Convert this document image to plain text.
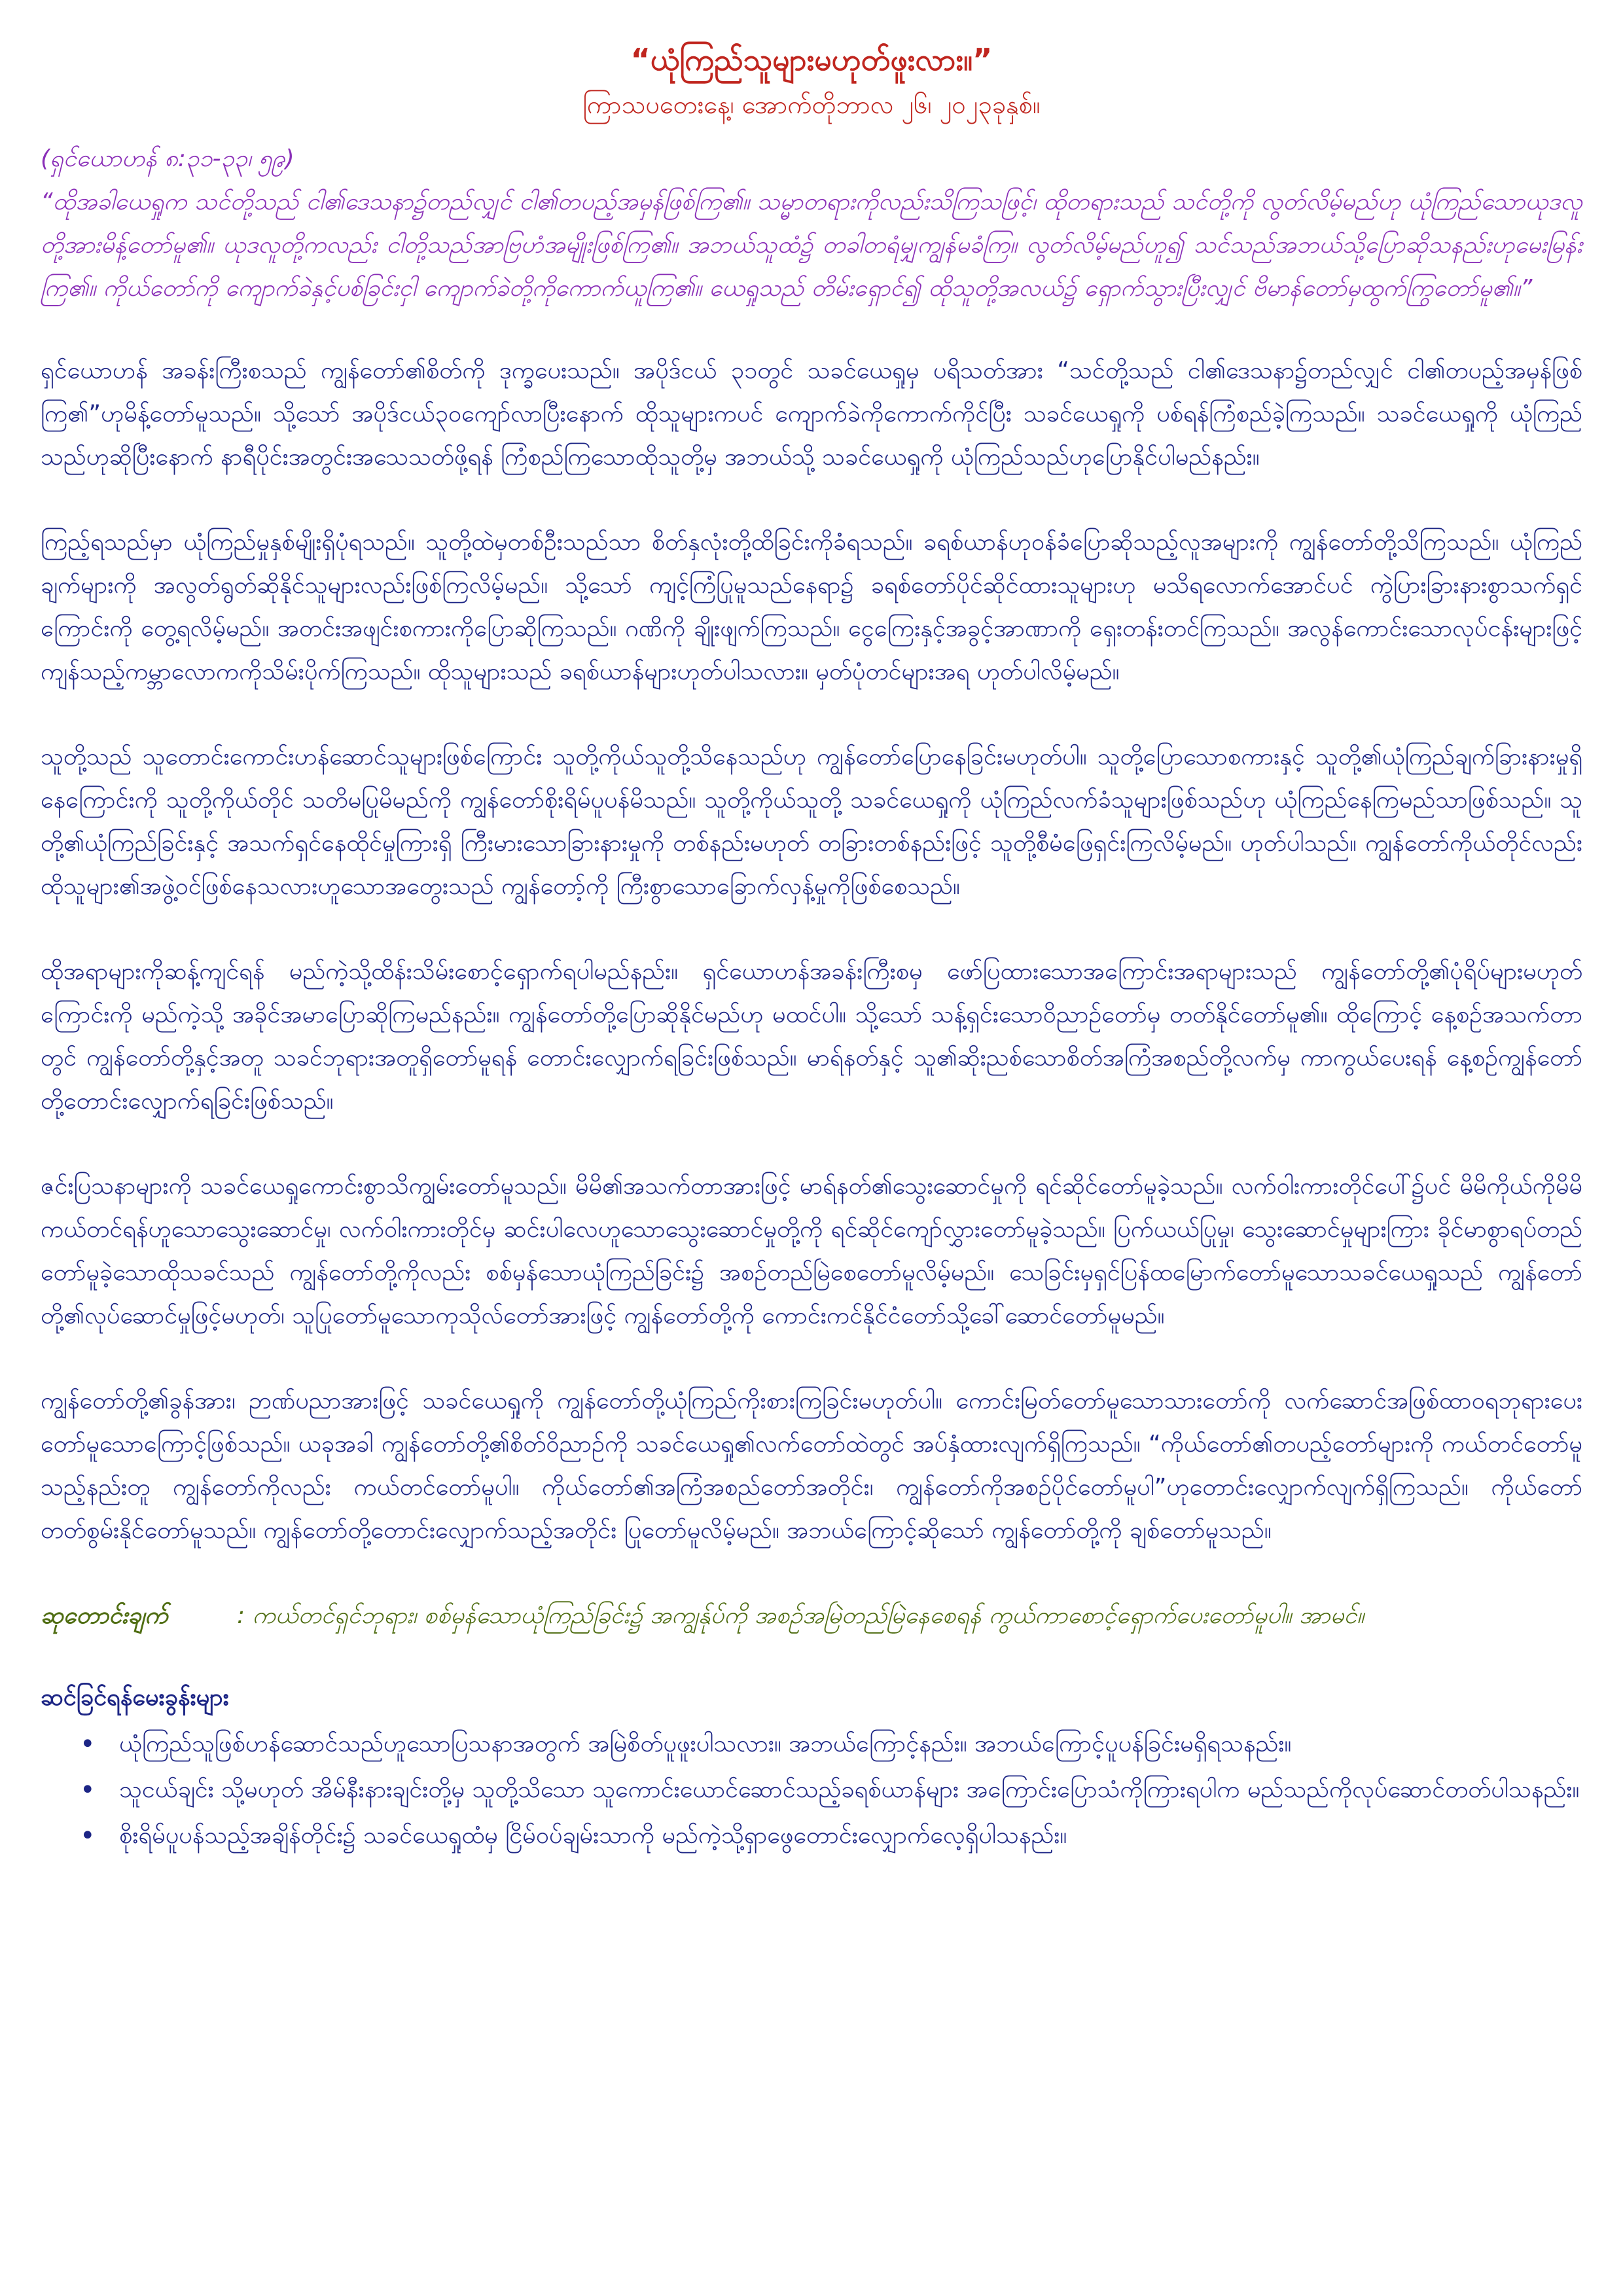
“ယုံကြည်သူများမဟုတ်ဖူးလား။”
ကြာသပတေးနေ့၊ အောက်တိုဘာလ ၂၆၊ ၂၀၂၃ခုနှစ်။
(ရှင်ယောဟန် ၈:၃၁-၃၃၊ ၅၉)
“ထိုအခါယေရှုက သင်တို့သည် ငါ၏ဒေသနာ၌တည်လျှင် ငါ၏တပည့်အမှန်ဖြစ်ကြ၏။ သမ္မာတရားကိုလည်းသိကြသဖြင့်၊ ထိုတရားသည် သင်တို့ကို လွတ်လိမ့်မည်ဟု ယုံကြည်သောယုဒလူတို့အားမိန့်တော်မူ၏။ ယုဒလူတို့ကလည်း ငါတို့သည်အာဗြဟံအမျိုးဖြစ်ကြ၏။ အဘယ်သူထံ၌ တခါတရံမျှကျွန်မခံကြ။ လွတ်လိမ့်မည်ဟူ၍ သင်သည်အဘယ်သို့ပြောဆိုသနည်းဟုမေးမြန်းကြ၏။ ကိုယ်တော်ကို ကျောက်ခဲနှင့်ပစ်ခြင်းငှါ ကျောက်ခဲတို့ကိုကောက်ယူကြ၏။ ယေရှုသည် တိမ်းရှောင်၍ ထိုသူတို့အလယ်၌ ရှောက်သွားပြီးလျှင် ဗိမာန်တော်မှထွက်ကြွတော်မူ၏။”

ရှင်ယောဟန် အခန်းကြီးစသည် ကျွန်တော်၏စိတ်ကို ဒုက္ခပေးသည်။ အပိုဒ်ငယ် ၃၁တွင် သခင်ယေရှုမှ ပရိသတ်အား “သင်တို့သည် ငါ၏ဒေသနာ၌တည်လျှင် ငါ၏တပည့်အမှန်ဖြစ်ကြ၏”ဟုမိန့်တော်မူသည်။ သို့သော် အပိုဒ်ငယ်၃၀ကျော်လာပြီးနောက် ထိုသူများကပင် ကျောက်ခဲကိုကောက်ကိုင်ပြီး သခင်ယေရှုကို ပစ်ရန်ကြံစည်ခဲ့ကြသည်။ သခင်ယေရှုကို ယုံကြည်သည်ဟုဆိုပြီးနောက် နာရီပိုင်းအတွင်းအသေသတ်ဖို့ရန် ကြံစည်ကြသောထိုသူတို့မှ အဘယ်သို့ သခင်ယေရှုကို ယုံကြည်သည်ဟုပြောနိုင်ပါမည်နည်း။

ကြည့်ရသည်မှာ ယုံကြည်မှုနှစ်မျိုးရှိပုံရသည်။ သူတို့ထဲမှတစ်ဦးသည်သာ စိတ်နှလုံးတို့ထိခြင်းကိုခံရသည်။ ခရစ်ယာန်ဟုဝန်ခံပြောဆိုသည့်လူအများကို ကျွန်တော်တို့သိကြသည်။ ယုံကြည်ချက်များကို အလွတ်ရွတ်ဆိုနိုင်သူများလည်းဖြစ်ကြလိမ့်မည်။ သို့သော် ကျင့်ကြံပြုမူသည်နေရာ၌ ခရစ်တော်ပိုင်ဆိုင်ထားသူများဟု မသိရလောက်အောင်ပင် ကွဲပြားခြားနားစွာသက်ရှင်ကြောင်းကို တွေ့ရလိမ့်မည်။ အတင်းအဖျင်းစကားကိုပြောဆိုကြသည်။ ဂဏိကို ချိုးဖျက်ကြသည်။ ငွေကြေးနှင့်အခွင့်အာဏာကို ရှေးတန်းတင်ကြသည်။ အလွန်ကောင်းသောလုပ်ငန်းများဖြင့် ကျန်သည့်ကမ္ဘာလောကကိုသိမ်းပိုက်ကြသည်။ ထိုသူများသည် ခရစ်ယာန်များဟုတ်ပါသလား။ မှတ်ပုံတင်များအရ ဟုတ်ပါလိမ့်မည်။

သူတို့သည် သူတောင်းကောင်းဟန်ဆောင်သူများဖြစ်ကြောင်း သူတို့ကိုယ်သူတို့သိနေသည်ဟု ကျွန်တော်ပြောနေခြင်းမဟုတ်ပါ။ သူတို့ပြောသောစကားနှင့် သူတို့၏ယုံကြည်ချက်ခြားနားမှုရှိနေကြောင်းကို သူတို့ကိုယ်တိုင် သတိမပြုမိမည်ကို ကျွန်တော်စိုးရိမ်ပူပန်မိသည်။ သူတို့ကိုယ်သူတို့ သခင်ယေရှုကို ယုံကြည်လက်ခံသူများဖြစ်သည်ဟု ယုံကြည်နေကြမည်သာဖြစ်သည်။ သူတို့၏ယုံကြည်ခြင်းနှင့် အသက်ရှင်နေထိုင်မှုကြားရှိ ကြီးမားသောခြားနားမှုကို တစ်နည်းမဟုတ် တခြားတစ်နည်းဖြင့် သူတို့စီမံဖြေရှင်းကြလိမ့်မည်။ ဟုတ်ပါသည်။ ကျွန်တော်ကိုယ်တိုင်လည်း ထိုသူများ၏အဖွဲ့ဝင်ဖြစ်နေသလားဟူသောအတွေးသည် ကျွန်တော့်ကို ကြီးစွာသောခြောက်လှန့်မှုကိုဖြစ်စေသည်။

ထိုအရာများကိုဆန့်ကျင်ရန် မည်ကဲ့သို့ထိန်းသိမ်းစောင့်ရှောက်ရပါမည်နည်း။ ရှင်ယောဟန်အခန်းကြီးစမှ ဖော်ပြထားသောအကြောင်းအရာများသည် ကျွန်တော်တို့၏ပုံရိပ်များမဟုတ်ကြောင်းကို မည်ကဲ့သို့ အခိုင်အမာပြောဆိုကြမည်နည်း။ ကျွန်တော်တို့ပြောဆိုနိုင်မည်ဟု မထင်ပါ။ သို့သော် သန့်ရှင်းသောဝိညာဉ်တော်မှ တတ်နိုင်တော်မူ၏။ ထိုကြောင့် နေ့စဉ်အသက်တာတွင် ကျွန်တော်တို့နှင့်အတူ သခင်ဘုရားအတူရှိတော်မူရန် တောင်းလျှောက်ရခြင်းဖြစ်သည်။ မာရ်နတ်နှင့် သူ၏ဆိုးညစ်သောစိတ်အကြံအစည်တို့လက်မှ ကာကွယ်ပေးရန် နေ့စဉ်ကျွန်တော်တို့တောင်းလျှောက်ရခြင်းဖြစ်သည်။

ဇင်းပြသနာများကို သခင်ယေရှုကောင်းစွာသိကျွမ်းတော်မူသည်။ မိမိ၏အသက်တာအားဖြင့် မာရ်နတ်၏သွေးဆောင်မှုကို ရင်ဆိုင်တော်မူခဲ့သည်။ လက်ဝါးကားတိုင်ပေါ်၌ပင် မိမိကိုယ်ကိုမိမိကယ်တင်ရန်ဟူသောသွေးဆောင်မှု၊ လက်ဝါးကားတိုင်မှ ဆင်းပါလေဟူသောသွေးဆောင်မှုတို့ကို ရင်ဆိုင်ကျော်လွှားတော်မူခဲ့သည်။ ပြက်ယယ်ပြုမှု၊ သွေးဆောင်မှုများကြား ခိုင်မာစွာရပ်တည်တော်မူခဲ့သောထိုသခင်သည် ကျွန်တော်တို့ကိုလည်း စစ်မှန်သောယုံကြည်ခြင်း၌ အစဉ်တည်မြဲစေတော်မူလိမ့်မည်။ သေခြင်းမှရှင်ပြန်ထမြောက်တော်မူသောသခင်ယေရှုသည် ကျွန်တော်တို့၏လုပ်ဆောင်မှုဖြင့်မဟုတ်၊ သူပြုတော်မူသောကုသိုလ်တော်အားဖြင့် ကျွန်တော်တို့ကို ကောင်းကင်နိုင်ငံတော်သို့ခေါ်ဆောင်တော်မူမည်။

ကျွန်တော်တို့၏ခွန်အား၊ ဉာဏ်ပညာအားဖြင့် သခင်ယေရှုကို ကျွန်တော်တို့ယုံကြည်ကိုးစားကြခြင်းမဟုတ်ပါ။ ကောင်းမြတ်တော်မူသောသားတော်ကို လက်ဆောင်အဖြစ်ထာဝရဘုရားပေးတော်မူသောကြောင့်ဖြစ်သည်။ ယခုအခါ ကျွန်တော်တို့၏စိတ်ဝိညာဉ်ကို သခင်ယေရှု၏လက်တော်ထဲတွင် အပ်နှံထားလျက်ရှိကြသည်။ “ကိုယ်တော်၏တပည့်တော်များကို ကယ်တင်တော်မူသည့်နည်းတူ ကျွန်တော်ကိုလည်း ကယ်တင်တော်မူပါ။ ကိုယ်တော်၏အကြံအစည်တော်အတိုင်း၊ ကျွန်တော်ကိုအစဉ်ပိုင်တော်မူပါ”ဟုတောင်းလျှောက်လျက်ရှိကြသည်။ ကိုယ်တော်တတ်စွမ်းနိုင်တော်မူသည်။ ကျွန်တော်တို့တောင်းလျှောက်သည့်အတိုင်း ပြုတော်မူလိမ့်မည်။ အဘယ်ကြောင့်ဆိုသော် ကျွန်တော်တို့ကို ချစ်တော်မူသည်။

ဆုတောင်းချက်	: ကယ်တင်ရှင်ဘုရား၊ စစ်မှန်သောယုံကြည်ခြင်း၌ အကျွန်ုပ်ကို အစဉ်အမြဲတည်မြဲနေစေရန် ကွယ်ကာစောင့်ရှောက်ပေးတော်မူပါ။ အာမင်။
ဆင်ခြင်ရန်မေးခွန်းများ
• ယုံကြည်သူဖြစ်ဟန်ဆောင်သည်ဟူသောပြသနာအတွက် အမြဲစိတ်ပူဖူးပါသလား။ အဘယ်ကြောင့်နည်း။ အဘယ်ကြောင့်ပူပန်ခြင်းမရှိရသနည်း။
• သူငယ်ချင်း သို့မဟုတ် အိမ်နီးနားချင်းတို့မှ သူတို့သိသော သူကောင်းယောင်ဆောင်သည့်ခရစ်ယာန်များ အကြောင်းပြောသံကိုကြားရပါက မည်သည်ကိုလုပ်ဆောင်တတ်ပါသနည်း။
• စိုးရိမ်ပူပန်သည့်အချိန်တိုင်း၌ သခင်ယေရှုထံမှ ငြိမ်ဝပ်ချမ်းသာကို မည်ကဲ့သို့ရှာဖွေတောင်းလျှောက်လေ့ရှိပါသနည်း။
